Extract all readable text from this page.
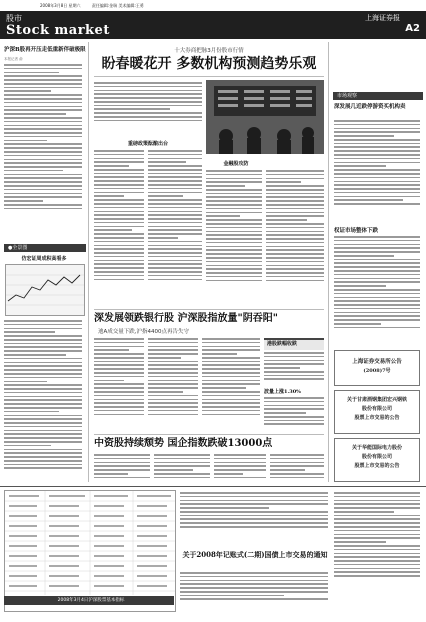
2008年3月8日 星期六	责任编辑:金瑞 美术编辑:王勇
股市
Stock market
上海证券报
A2
沪深B股再开压走低重新伴破极限
本报记者 俞
●全景图
仿宏证周成积高看多
十大券商把脉3月份股市行情
盼春暖花开 多数机构预测趋势乐观
重磅政策酝酿出台
金融股攻防
市场观察
深发展几近跌停游资买机构卖
权证市场整体下跌
上海证券交易所公告
(2008)7号
关于甘肃酒钢集团宏兴钢铁
股份有限公司
股票上市交易的公告
关于华能国际电力股份
股份有限公司
股票上市交易的公告
深发展领跌银行股 沪深股指放量"阴吞阳"
迪A成交量下跌,沪指4400点再告失守
港股跌幅收跌
波量上涨1.30%
中资股持续颓势 国企指数跌破13000点
2008年3月4日沪深股票基本指标
关于2008年记账式(二期)国债上市交易的通知
